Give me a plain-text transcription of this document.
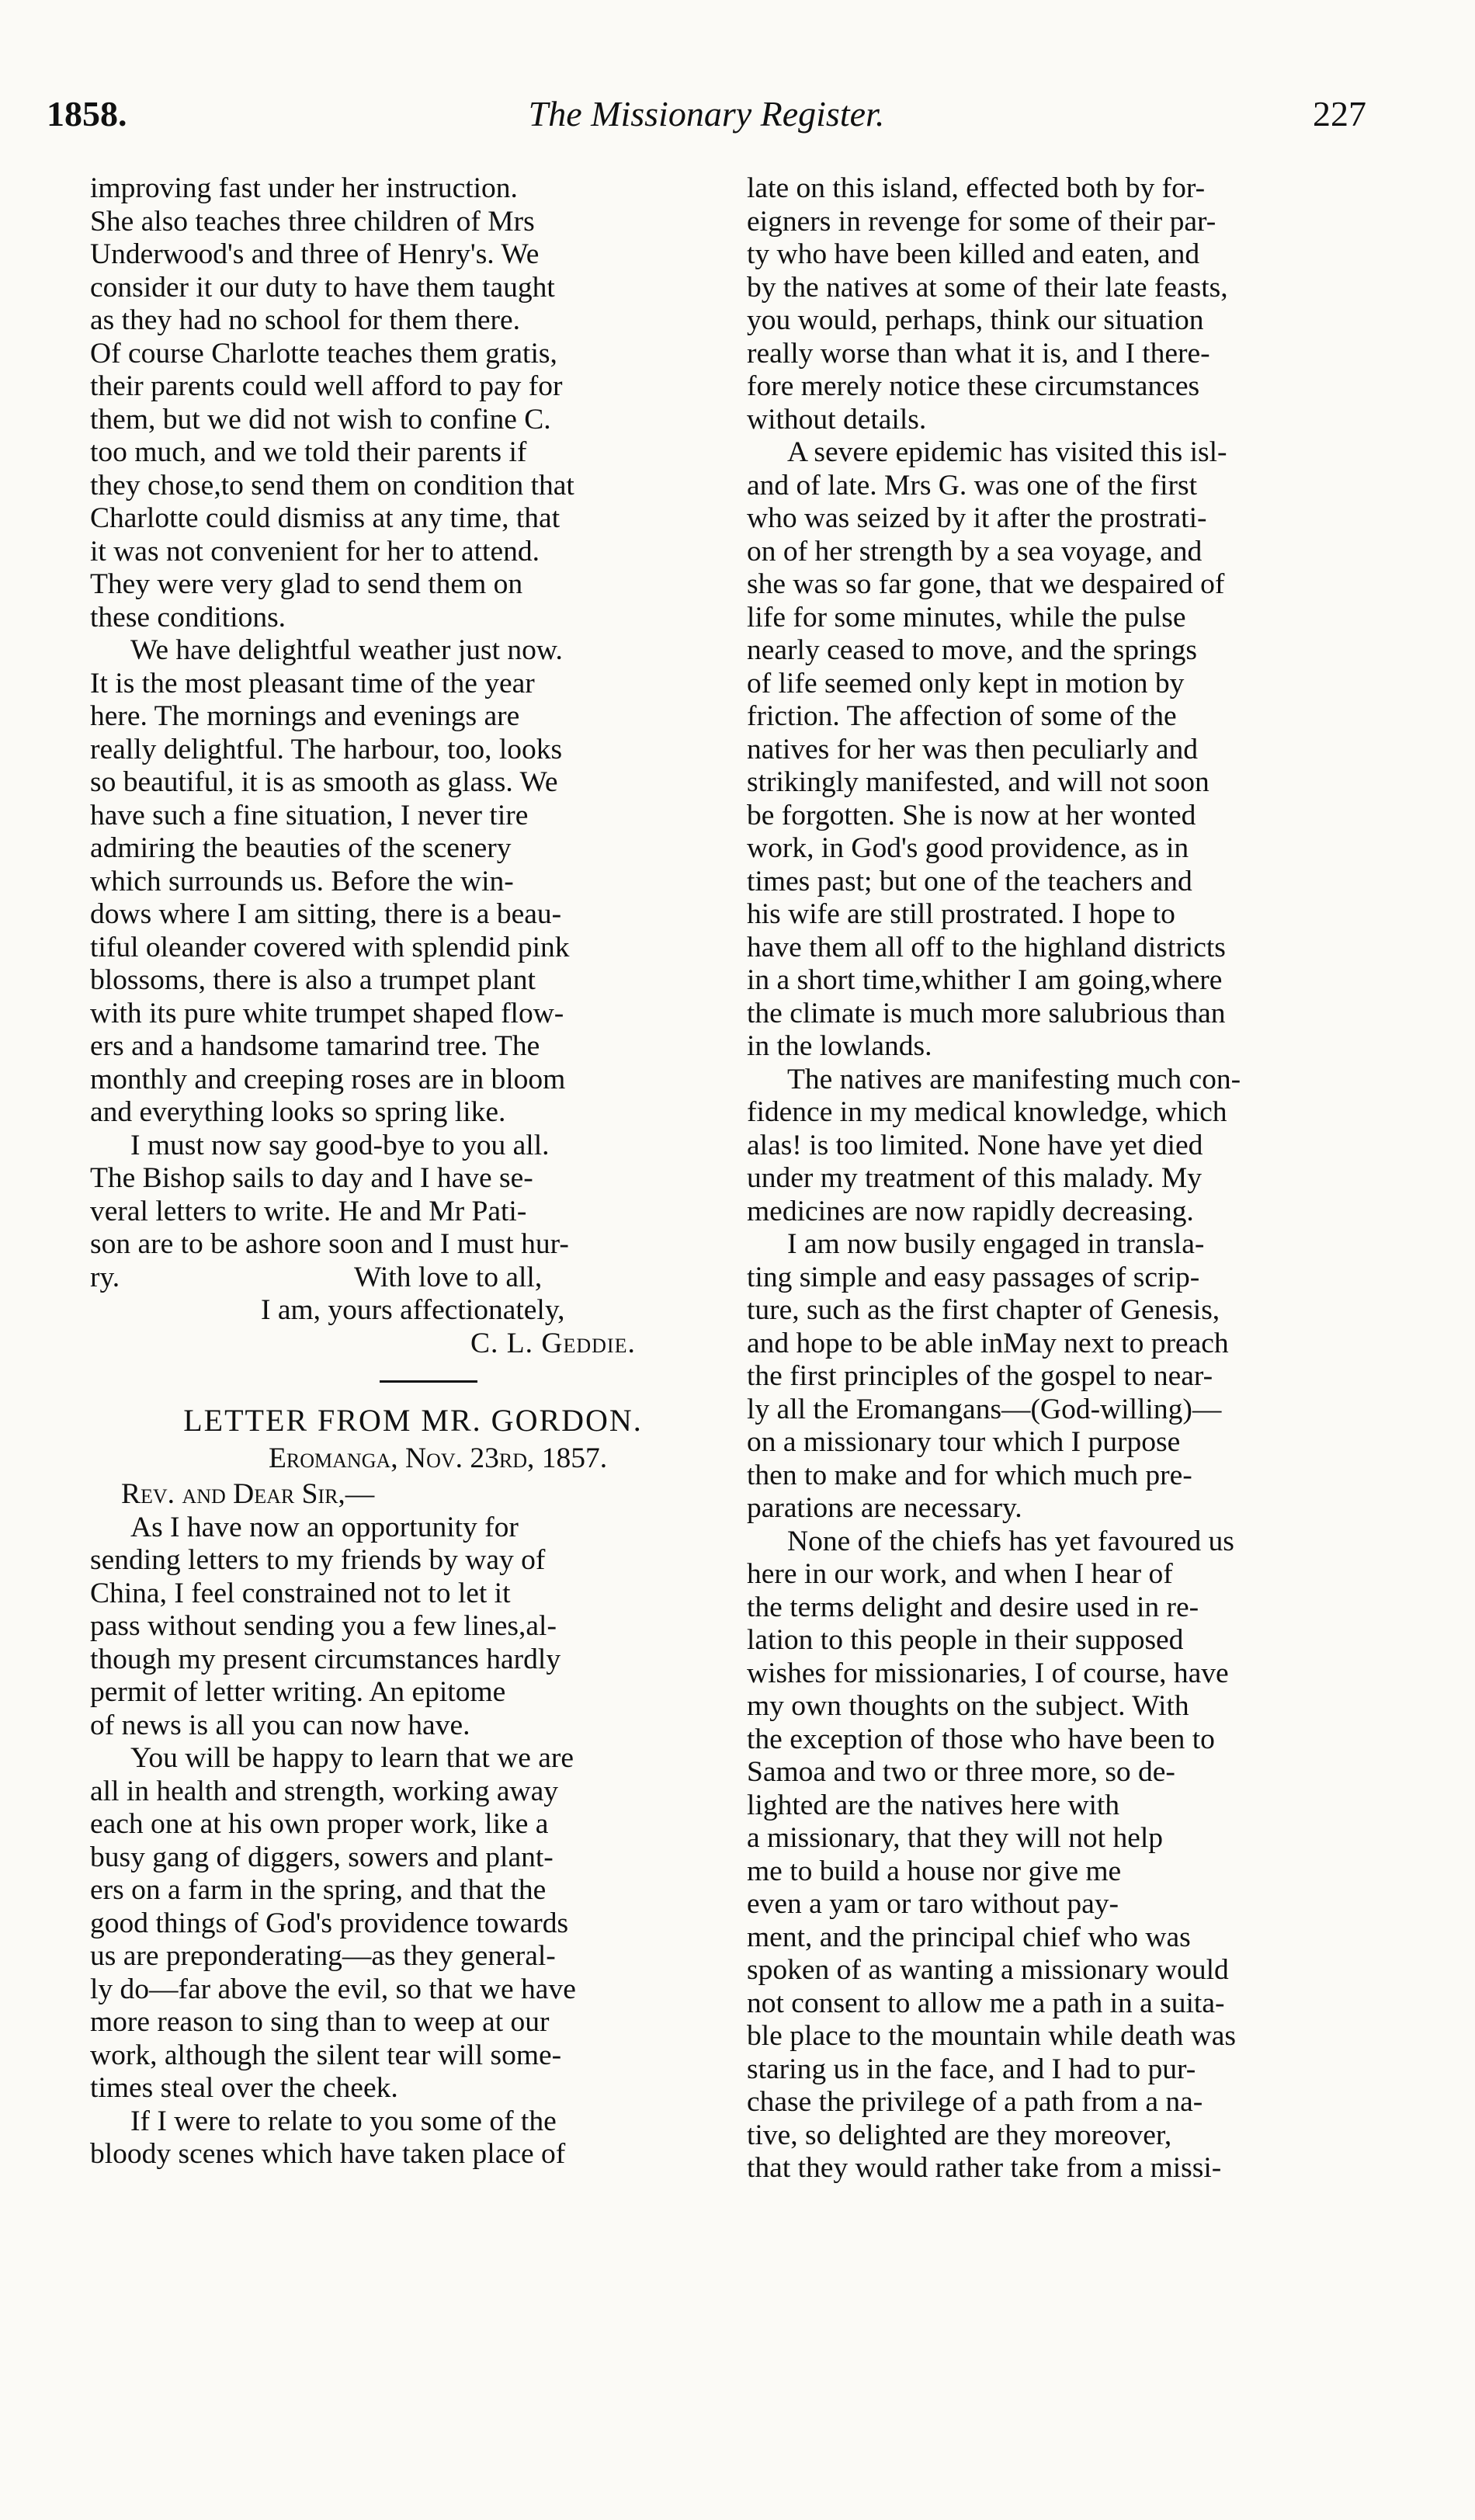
1858.	The Missionary Register.	227
improving fast under her instruction.
She also teaches three children of Mrs
Underwood's and three of Henry's. We
consider it our duty to have them taught
as they had no school for them there.
Of course Charlotte teaches them gratis,
their parents could well afford to pay for
them, but we did not wish to confine C.
too much, and we told their parents if
they chose,to send them on condition that
Charlotte could dismiss at any time, that
it was not convenient for her to attend.
They were very glad to send them on
these conditions.
We have delightful weather just now.
It is the most pleasant time of the year
here. The mornings and evenings are
really delightful. The harbour, too, looks
so beautiful, it is as smooth as glass. We
have such a fine situation, I never tire
admiring the beauties of the scenery
which surrounds us. Before the win-
dows where I am sitting, there is a beau-
tiful oleander covered with splendid pink
blossoms, there is also a trumpet plant
with its pure white trumpet shaped flow-
ers and a handsome tamarind tree. The
monthly and creeping roses are in bloom
and everything looks so spring like.
I must now say good-bye to you all.
The Bishop sails to day and I have se-
veral letters to write. He and Mr Pati-
son are to be ashore soon and I must hur-
ry.	With love to all,
I am, yours affectionately,
C. L. Geddie.
LETTER FROM MR. GORDON.
Eromanga, Nov. 23rd, 1857.
Rev. and Dear Sir,—
As I have now an opportunity for
sending letters to my friends by way of
China, I feel constrained not to let it
pass without sending you a few lines,al-
though my present circumstances hardly
permit of letter writing. An epitome
of news is all you can now have.
You will be happy to learn that we are
all in health and strength, working away
each one at his own proper work, like a
busy gang of diggers, sowers and plant-
ers on a farm in the spring, and that the
good things of God's providence towards
us are preponderating—as they general-
ly do—far above the evil, so that we have
more reason to sing than to weep at our
work, although the silent tear will some-
times steal over the cheek.
If I were to relate to you some of the
bloody scenes which have taken place of
late on this island, effected both by for-
eigners in revenge for some of their par-
ty who have been killed and eaten, and
by the natives at some of their late feasts,
you would, perhaps, think our situation
really worse than what it is, and I there-
fore merely notice these circumstances
without details.
A severe epidemic has visited this isl-
and of late. Mrs G. was one of the first
who was seized by it after the prostrati-
on of her strength by a sea voyage, and
she was so far gone, that we despaired of
life for some minutes, while the pulse
nearly ceased to move, and the springs
of life seemed only kept in motion by
friction. The affection of some of the
natives for her was then peculiarly and
strikingly manifested, and will not soon
be forgotten. She is now at her wonted
work, in God's good providence, as in
times past; but one of the teachers and
his wife are still prostrated. I hope to
have them all off to the highland districts
in a short time,whither I am going,where
the climate is much more salubrious than
in the lowlands.
The natives are manifesting much con-
fidence in my medical knowledge, which
alas! is too limited. None have yet died
under my treatment of this malady. My
medicines are now rapidly decreasing.
I am now busily engaged in transla-
ting simple and easy passages of scrip-
ture, such as the first chapter of Genesis,
and hope to be able inMay next to preach
the first principles of the gospel to near-
ly all the Eromangans—(God-willing)—
on a missionary tour which I purpose
then to make and for which much pre-
parations are necessary.
None of the chiefs has yet favoured us
here in our work, and when I hear of
the terms delight and desire used in re-
lation to this people in their supposed
wishes for missionaries, I of course, have
my own thoughts on the subject. With
the exception of those who have been to
Samoa and two or three more, so de-
lighted are the natives here with
a missionary, that they will not help
me to build a house nor give me
even a yam or taro without pay-
ment, and the principal chief who was
spoken of as wanting a missionary would
not consent to allow me a path in a suita-
ble place to the mountain while death was
staring us in the face, and I had to pur-
chase the privilege of a path from a na-
tive, so delighted are they moreover,
that they would rather take from a missi-
